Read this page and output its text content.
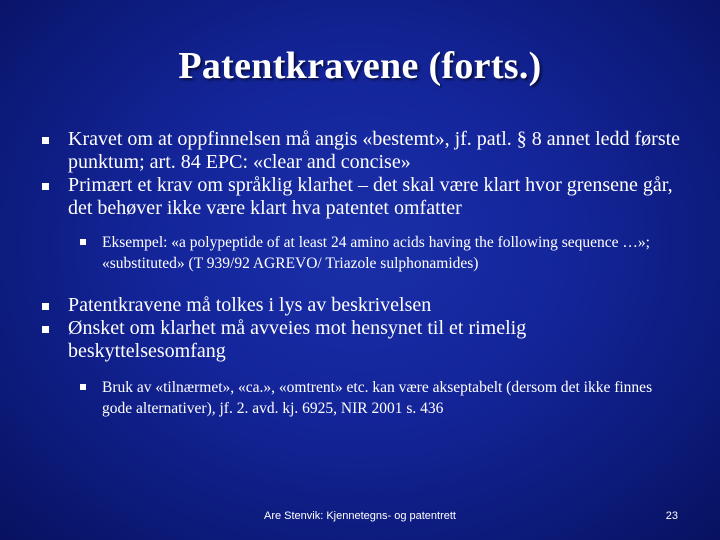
Patentkravene (forts.)
Kravet om at oppfinnelsen må angis «bestemt», jf. patl. § 8 annet ledd første punktum; art. 84 EPC: «clear and concise»
Primært et krav om språklig klarhet – det skal være klart hvor grensene går, det behøver ikke være klart hva patentet omfatter
Eksempel: «a polypeptide of at least 24 amino acids having the following sequence …»; «substituted» (T 939/92 AGREVO/ Triazole sulphonamides)
Patentkravene må tolkes i lys av beskrivelsen
Ønsket om klarhet må avveies mot hensynet til et rimelig beskyttelsesomfang
Bruk av «tilnærmet», «ca.», «omtrent» etc. kan være akseptabelt (dersom det ikke finnes gode alternativer), jf. 2. avd. kj. 6925, NIR 2001 s. 436
Are Stenvik: Kjennetegns- og patentrett	23
